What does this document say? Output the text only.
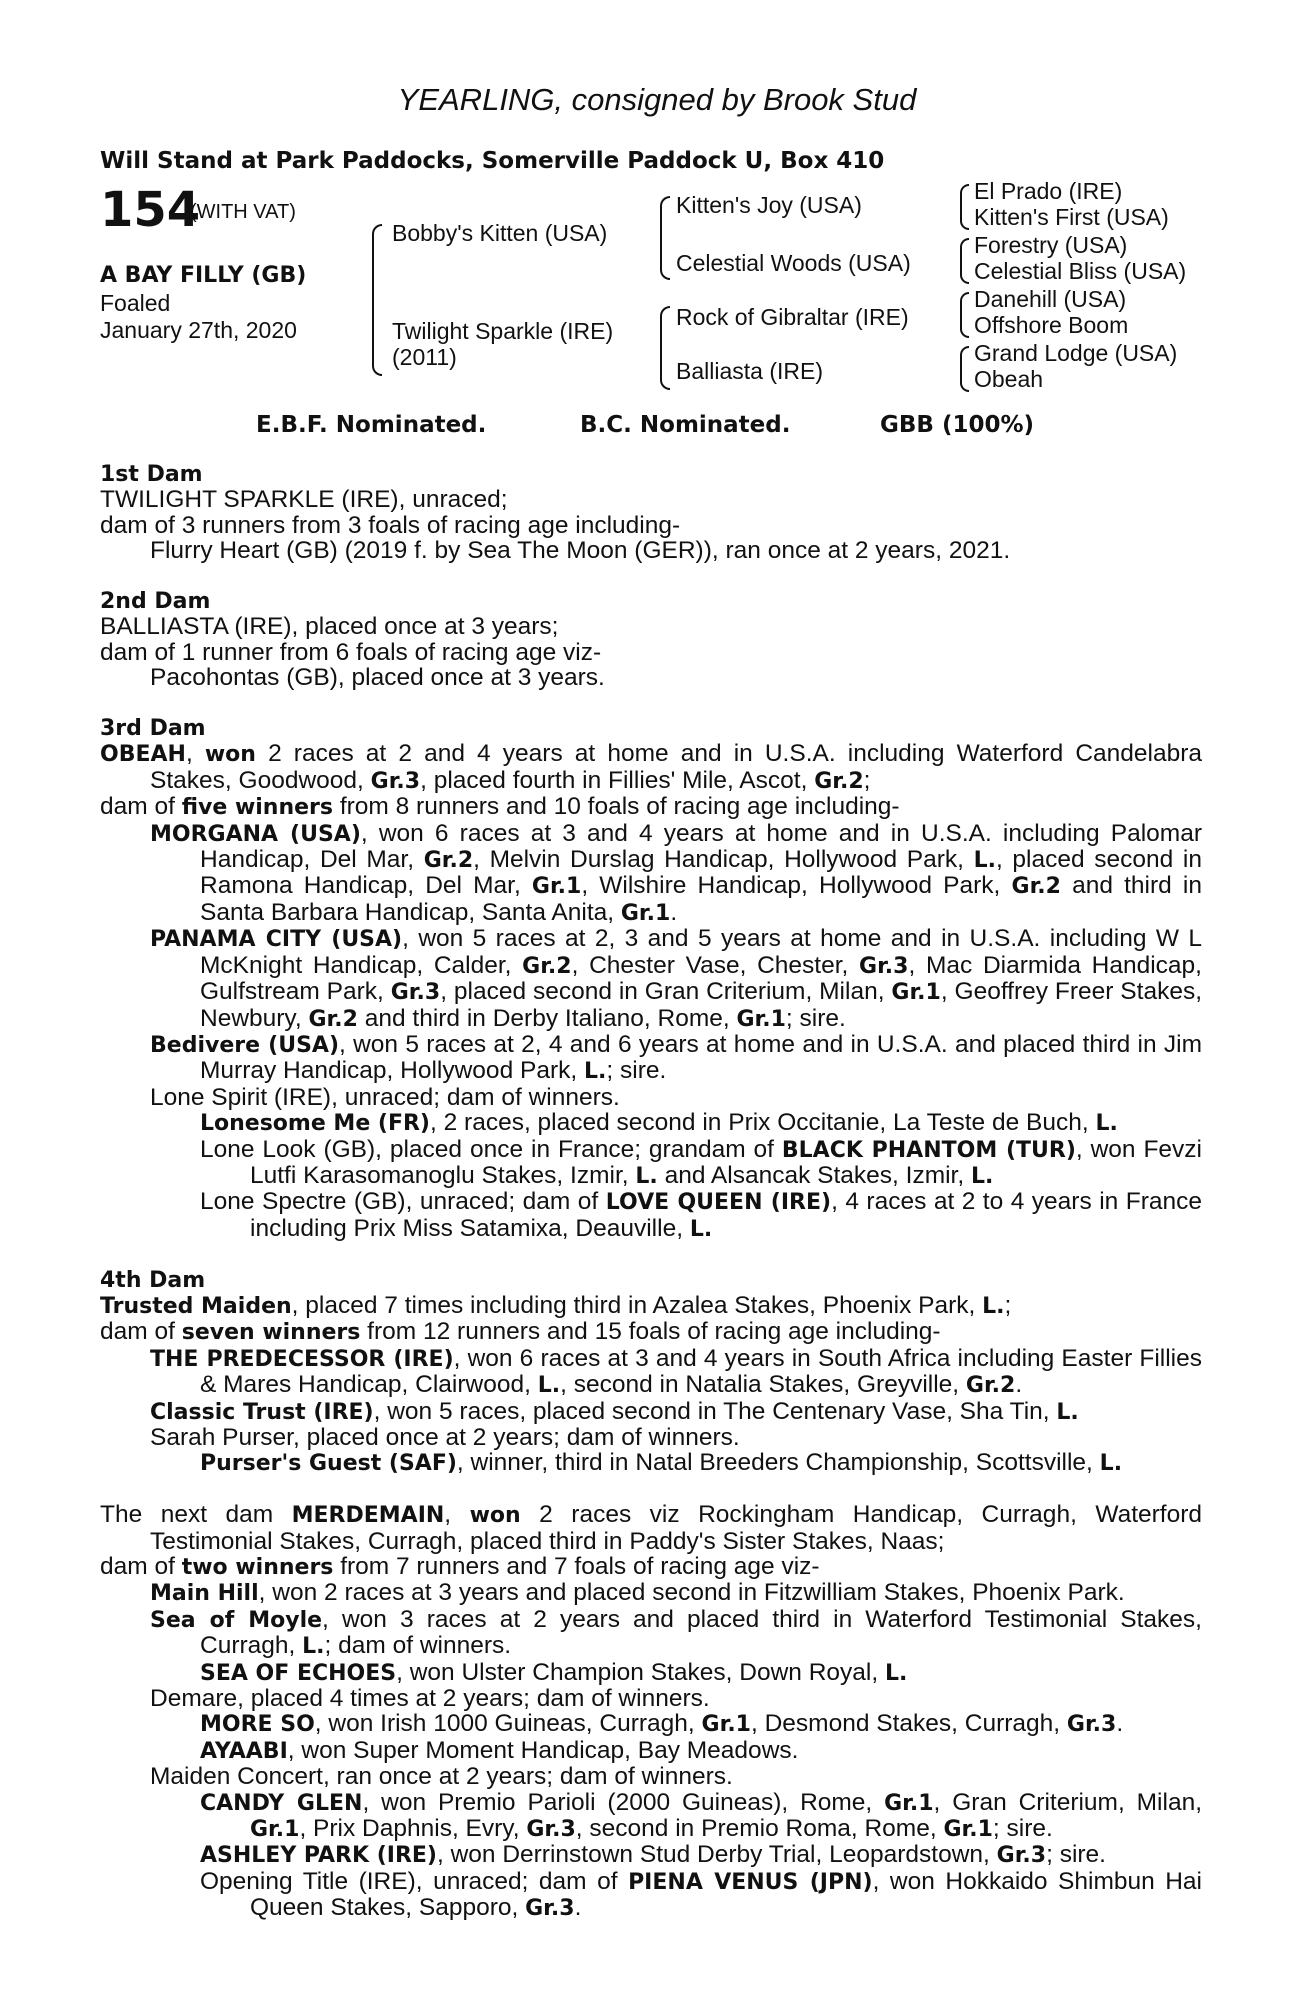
YEARLING, consigned by Brook Stud
Will Stand at Park Paddocks, Somerville Paddock U, Box 410
154
(WITH VAT)
A BAY FILLY (GB)
Foaled
January 27th, 2020
Bobby's Kitten (USA)
Twilight Sparkle (IRE)
(2011)
Kitten's Joy (USA)
Celestial Woods (USA)
Rock of Gibraltar (IRE)
Balliasta (IRE)
El Prado (IRE)
Kitten's First (USA)
Forestry (USA)
Celestial Bliss (USA)
Danehill (USA)
Offshore Boom
Grand Lodge (USA)
Obeah
E.B.F. Nominated.	B.C. Nominated.	GBB (100%)
1st Dam
TWILIGHT SPARKLE (IRE), unraced;
dam of 3 runners from 3 foals of racing age including-
Flurry Heart (GB) (2019 f. by Sea The Moon (GER)), ran once at 2 years, 2021.
2nd Dam
BALLIASTA (IRE), placed once at 3 years;
dam of 1 runner from 6 foals of racing age viz-
Pacohontas (GB), placed once at 3 years.
3rd Dam
OBEAH, won 2 races at 2 and 4 years at home and in U.S.A. including Waterford Candelabra Stakes, Goodwood, Gr.3, placed fourth in Fillies' Mile, Ascot, Gr.2;
dam of five winners from 8 runners and 10 foals of racing age including-
MORGANA (USA), won 6 races at 3 and 4 years at home and in U.S.A. including Palomar Handicap, Del Mar, Gr.2, Melvin Durslag Handicap, Hollywood Park, L., placed second in Ramona Handicap, Del Mar, Gr.1, Wilshire Handicap, Hollywood Park, Gr.2 and third in Santa Barbara Handicap, Santa Anita, Gr.1.
PANAMA CITY (USA), won 5 races at 2, 3 and 5 years at home and in U.S.A. including W L McKnight Handicap, Calder, Gr.2, Chester Vase, Chester, Gr.3, Mac Diarmida Handicap, Gulfstream Park, Gr.3, placed second in Gran Criterium, Milan, Gr.1, Geoffrey Freer Stakes, Newbury, Gr.2 and third in Derby Italiano, Rome, Gr.1; sire.
Bedivere (USA), won 5 races at 2, 4 and 6 years at home and in U.S.A. and placed third in Jim Murray Handicap, Hollywood Park, L.; sire.
Lone Spirit (IRE), unraced; dam of winners.
Lonesome Me (FR), 2 races, placed second in Prix Occitanie, La Teste de Buch, L.
Lone Look (GB), placed once in France; grandam of BLACK PHANTOM (TUR), won Fevzi Lutfi Karasomanoglu Stakes, Izmir, L. and Alsancak Stakes, Izmir, L.
Lone Spectre (GB), unraced; dam of LOVE QUEEN (IRE), 4 races at 2 to 4 years in France including Prix Miss Satamixa, Deauville, L.
4th Dam
Trusted Maiden, placed 7 times including third in Azalea Stakes, Phoenix Park, L.;
dam of seven winners from 12 runners and 15 foals of racing age including-
THE PREDECESSOR (IRE), won 6 races at 3 and 4 years in South Africa including Easter Fillies & Mares Handicap, Clairwood, L., second in Natalia Stakes, Greyville, Gr.2.
Classic Trust (IRE), won 5 races, placed second in The Centenary Vase, Sha Tin, L.
Sarah Purser, placed once at 2 years; dam of winners.
Purser's Guest (SAF), winner, third in Natal Breeders Championship, Scottsville, L.
The next dam MERDEMAIN, won 2 races viz Rockingham Handicap, Curragh, Waterford Testimonial Stakes, Curragh, placed third in Paddy's Sister Stakes, Naas;
dam of two winners from 7 runners and 7 foals of racing age viz-
Main Hill, won 2 races at 3 years and placed second in Fitzwilliam Stakes, Phoenix Park.
Sea of Moyle, won 3 races at 2 years and placed third in Waterford Testimonial Stakes, Curragh, L.; dam of winners.
SEA OF ECHOES, won Ulster Champion Stakes, Down Royal, L.
Demare, placed 4 times at 2 years; dam of winners.
MORE SO, won Irish 1000 Guineas, Curragh, Gr.1, Desmond Stakes, Curragh, Gr.3.
AYAABI, won Super Moment Handicap, Bay Meadows.
Maiden Concert, ran once at 2 years; dam of winners.
CANDY GLEN, won Premio Parioli (2000 Guineas), Rome, Gr.1, Gran Criterium, Milan, Gr.1, Prix Daphnis, Evry, Gr.3, second in Premio Roma, Rome, Gr.1; sire.
ASHLEY PARK (IRE), won Derrinstown Stud Derby Trial, Leopardstown, Gr.3; sire.
Opening Title (IRE), unraced; dam of PIENA VENUS (JPN), won Hokkaido Shimbun Hai Queen Stakes, Sapporo, Gr.3.
